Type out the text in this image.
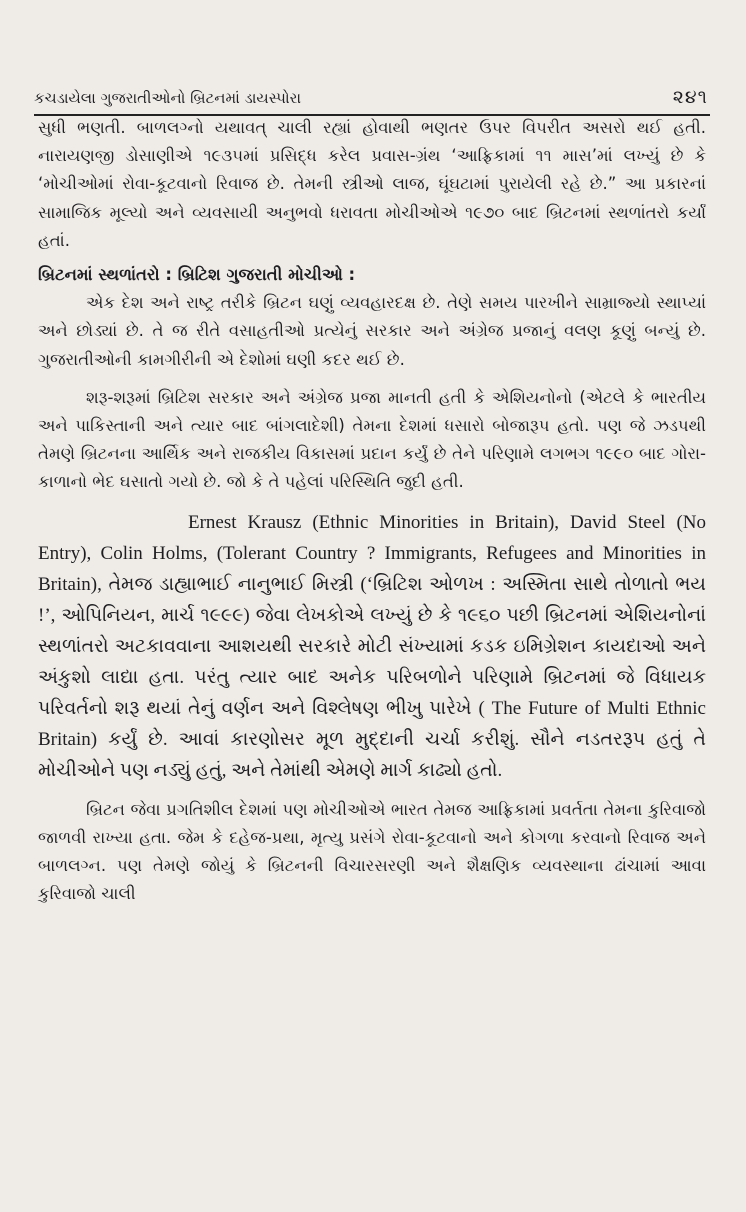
કચડાયેલા ગુજરાતીઓનો બ્રિટનમાં ડાયસ્પોરા	૨૪૧

સુધી ભણતી. બાળલગ્નો યથાવત્ ચાલી રહ્યાં હોવાથી ભણતર ઉપર વિપરીત અસરો થઈ હતી. નારાયણજી ડોસાણીએ ૧૯૩૫માં પ્રસિદ્ધ કરેલ પ્રવાસ-ગ્રંથ ‘આફ્રિકામાં ૧૧ માસ’માં લખ્યું છે કે ‘મોચીઓમાં રોવા-કૂટવાનો રિવાજ છે. તેમની સ્ત્રીઓ લાજ, ઘૂંઘટામાં પુરાયેલી રહે છે.” આ પ્રકારનાં સામાજિક મૂલ્યો અને વ્યવસાયી અનુભવો ધરાવતા મોચીઓએ ૧૯૭૦ બાદ બ્રિટનમાં સ્થળાંતરો કર્યાં હતાં.

બ્રિટનમાં સ્થળાંતરો : બ્રિટિશ ગુજરાતી મોચીઓ :

એક દેશ અને રાષ્ટ્ર તરીકે બ્રિટન ઘણું વ્યવહારદક્ષ છે. તેણે સમય પારખીને સામ્રાજ્યો સ્થાપ્યાં અને છોડ્યાં છે. તે જ રીતે વસાહતીઓ પ્રત્યેનું સરકાર અને અંગ્રેજ પ્રજાનું વલણ કૂણું બન્યું છે. ગુજરાતીઓની કામગીરીની એ દેશોમાં ઘણી કદર થઈ છે.

શરૂ-શરૂમાં બ્રિટિશ સરકાર અને અંગ્રેજ પ્રજા માનતી હતી કે એશિયનોનો (એટલે કે ભારતીય અને પાકિસ્તાની અને ત્યાર બાદ બાંગલાદેશી) તેમના દેશમાં ધસારો બોજારૂપ હતો. પણ જે ઝડપથી તેમણે બ્રિટનના આર્થિક અને રાજકીય વિકાસમાં પ્રદાન કર્યું છે તેને પરિણામે લગભગ ૧૯૯૦ બાદ ગોરા-કાળાનો ભેદ ઘસાતો ગયો છે. જો કે તે પહેલાં પરિસ્થિતિ જુદી હતી.

Ernest Krausz (Ethnic Minorities in Britain), David Steel (No Entry), Colin Holms, (Tolerant Country ? Immigrants, Refugees and Minorities in Britain), તેમજ ડાહ્યાભાઈ નાનુભાઈ મિસ્ત્રી (‘બ્રિટિશ ઓળખ : અસ્મિતા સાથે તોળાતો ભય !’, ઓપિનિયન, માર્ચ ૧૯૯૯) જેવા લેખકોએ લખ્યું છે કે ૧૯૬૦ પછી બ્રિટનમાં એશિયનોનાં સ્થળાંતરો અટકાવવાના આશયથી સરકારે મોટી સંખ્યામાં કડક ઇમિગ્રેશન કાયદાઓ અને અંકુશો લાદ્યા હતા. પરંતુ ત્યાર બાદ અનેક પરિબળોને પરિણામે બ્રિટનમાં જે વિધાયક પરિવર્તનો શરૂ થયાં તેનું વર્ણન અને વિશ્લેષણ ભીખુ પારેખે ( The Future of Multi Ethnic Britain) કર્યું છે. આવાં કારણોસર મૂળ મુદ્દાની ચર્ચા કરીશું. સૌને નડતરરૂપ હતું તે મોચીઓને પણ નડ્યું હતું, અને તેમાંથી એમણે માર્ગ કાઢ્યો હતો.

બ્રિટન જેવા પ્રગતિશીલ દેશમાં પણ મોચીઓએ ભારત તેમજ આફ્રિકામાં પ્રવર્તતા તેમના કુરિવાજો જાળવી રાખ્યા હતા. જેમ કે દહેજ-પ્રથા, મૃત્યુ પ્રસંગે રોવા-કૂટવાનો અને કોગળા કરવાનો રિવાજ અને બાળલગ્ન. પણ તેમણે જોયું કે બ્રિટનની વિચારસરણી અને શૈક્ષણિક વ્યવસ્થાના ઢાંચામાં આવા કુરિવાજો ચાલી
